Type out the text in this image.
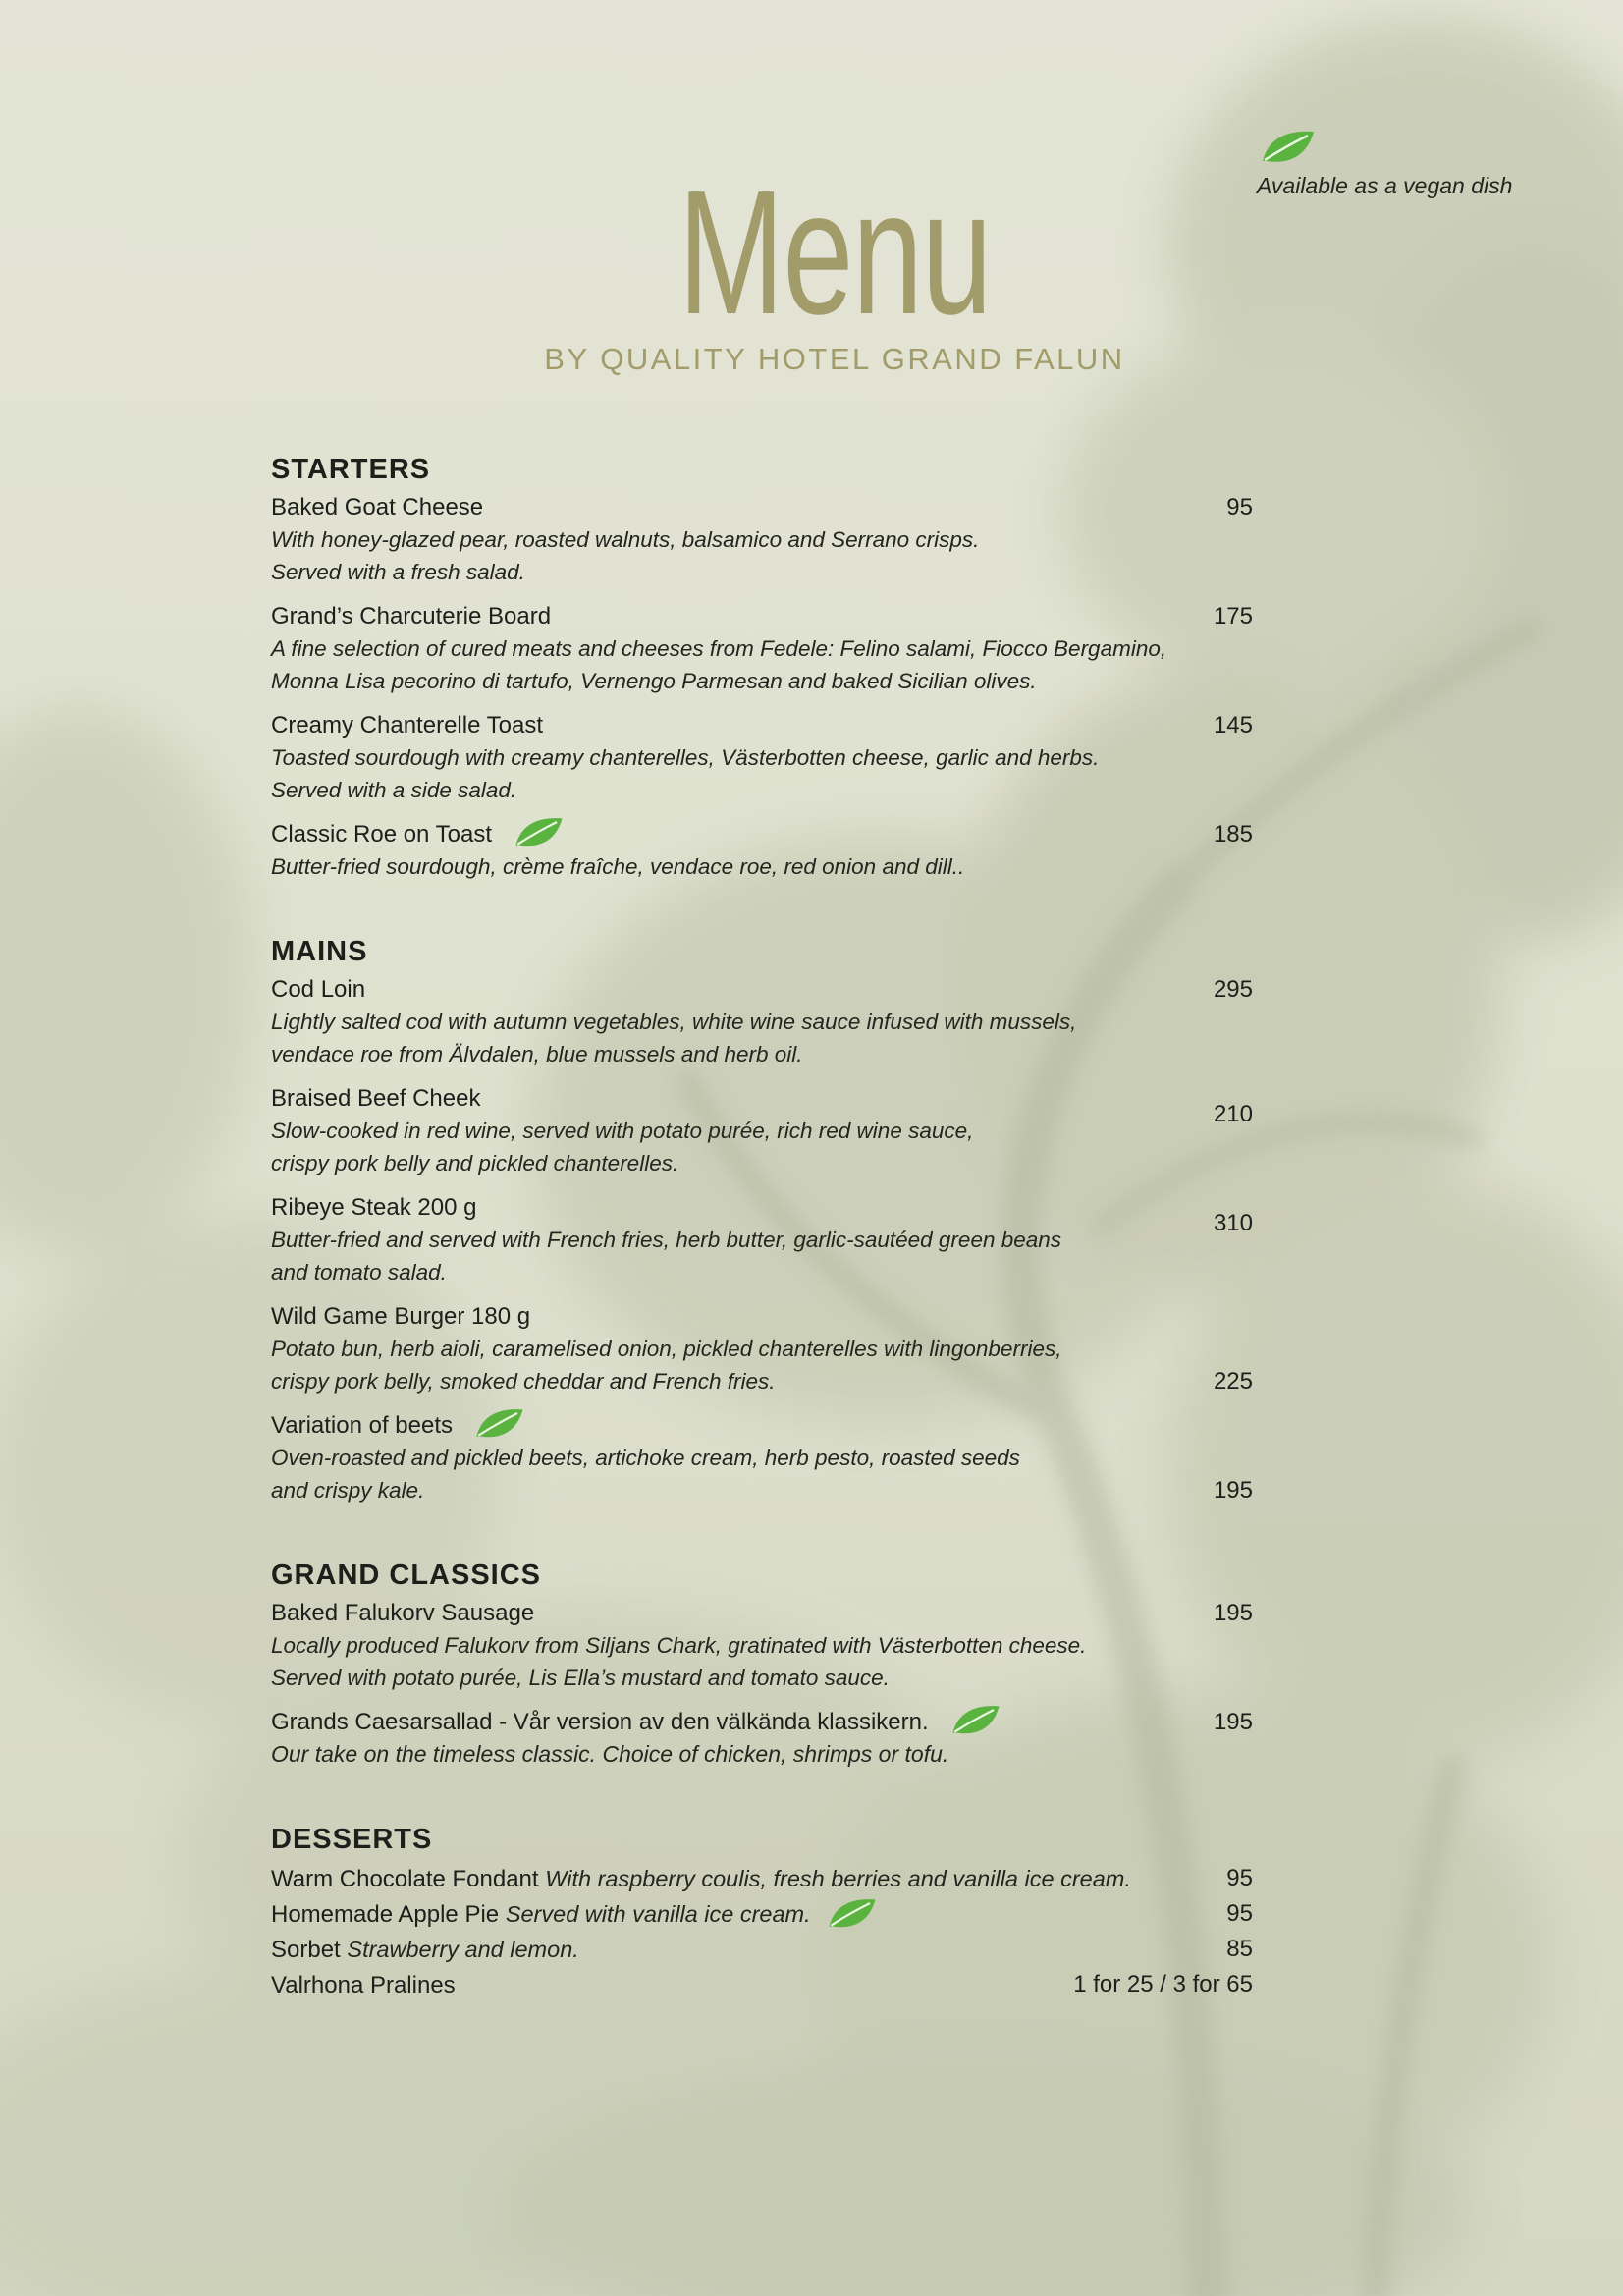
Available as a vegan dish
Menu
BY QUALITY HOTEL GRAND FALUN
STARTERS
Baked Goat Cheese
With honey-glazed pear, roasted walnuts, balsamico and Serrano crisps.
Served with a fresh salad.
95
Grand’s Charcuterie Board
A fine selection of cured meats and cheeses from Fedele: Felino salami, Fiocco Bergamino,
Monna Lisa pecorino di tartufo, Vernengo Parmesan and baked Sicilian olives.
175
Creamy Chanterelle Toast
Toasted sourdough with creamy chanterelles, Västerbotten cheese, garlic and herbs.
Served with a side salad.
145
Classic Roe on Toast
Butter-fried sourdough, crème fraîche, vendace roe, red onion and dill..
185
MAINS
Cod Loin
Lightly salted cod with autumn vegetables, white wine sauce infused with mussels,
vendace roe from Älvdalen, blue mussels and herb oil.
295
Braised Beef Cheek
Slow-cooked in red wine, served with potato purée, rich red wine sauce,
crispy pork belly and pickled chanterelles.
210
Ribeye Steak 200 g
Butter-fried and served with French fries, herb butter, garlic-sautéed green beans
and tomato salad.
310
Wild Game Burger 180 g
Potato bun, herb aioli, caramelised onion, pickled chanterelles with lingonberries,
crispy pork belly, smoked cheddar and French fries.	225
Variation of beets
Oven-roasted and pickled beets, artichoke cream, herb pesto, roasted seeds
and crispy kale.	195
GRAND CLASSICS
Baked Falukorv Sausage
Locally produced Falukorv from Siljans Chark, gratinated with Västerbotten cheese.
Served with potato purée, Lis Ella’s mustard and tomato sauce.
195
Grands Caesarsallad - Vår version av den välkända klassikern.
Our take on the timeless classic. Choice of chicken, shrimps or tofu.
195
DESSERTS
Warm Chocolate Fondant With raspberry coulis, fresh berries and vanilla ice cream.	95
Homemade Apple Pie Served with vanilla ice cream.	95
Sorbet Strawberry and lemon.	85
Valrhona Pralines	1 for 25 / 3 for 65
